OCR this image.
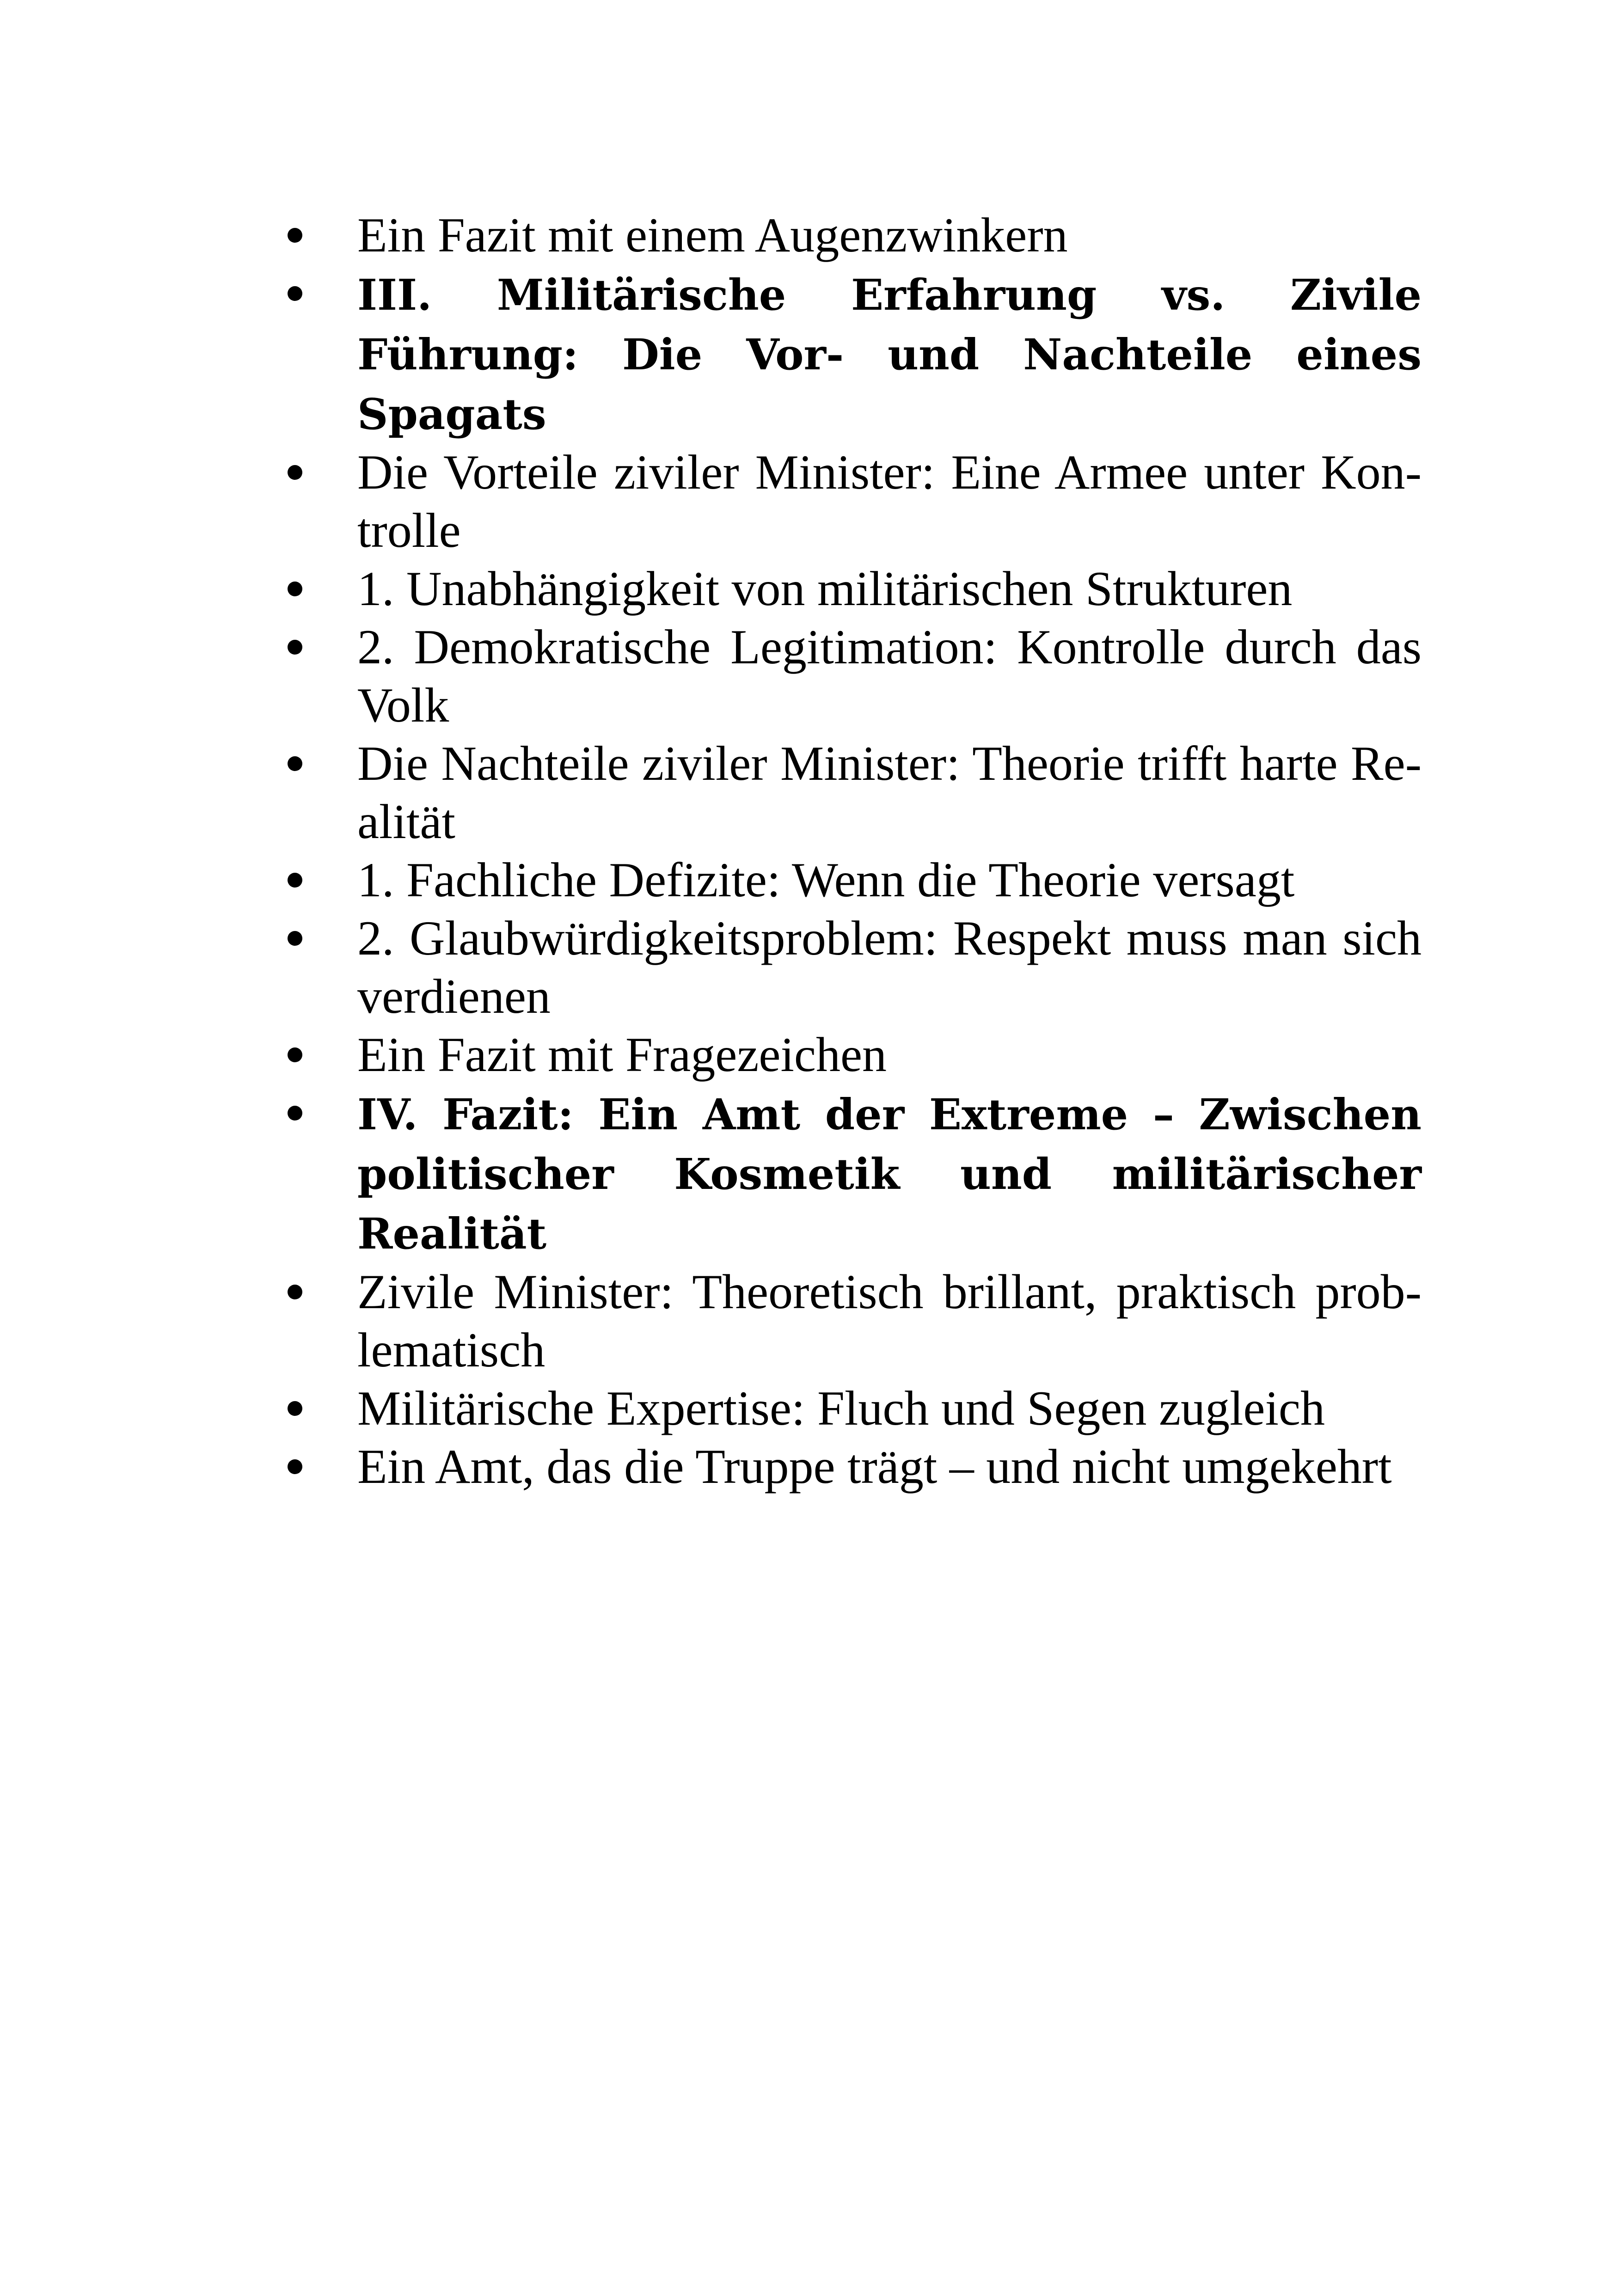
Ein Fazit mit einem Augenzwinkern
III. Militärische Erfahrung vs. Zivile Führung: Die Vor- und Nachteile eines Spagats
Die Vorteile ziviler Minister: Eine Armee unter Kontrolle
1. Unabhängigkeit von militärischen Strukturen
2. Demokratische Legitimation: Kontrolle durch das Volk
Die Nachteile ziviler Minister: Theorie trifft harte Realität
1. Fachliche Defizite: Wenn die Theorie versagt
2. Glaubwürdigkeitsproblem: Respekt muss man sich verdienen
Ein Fazit mit Fragezeichen
IV. Fazit: Ein Amt der Extreme – Zwischen politischer Kosmetik und militärischer Realität
Zivile Minister: Theoretisch brillant, praktisch problematisch
Militärische Expertise: Fluch und Segen zugleich
Ein Amt, das die Truppe trägt – und nicht umgekehrt
